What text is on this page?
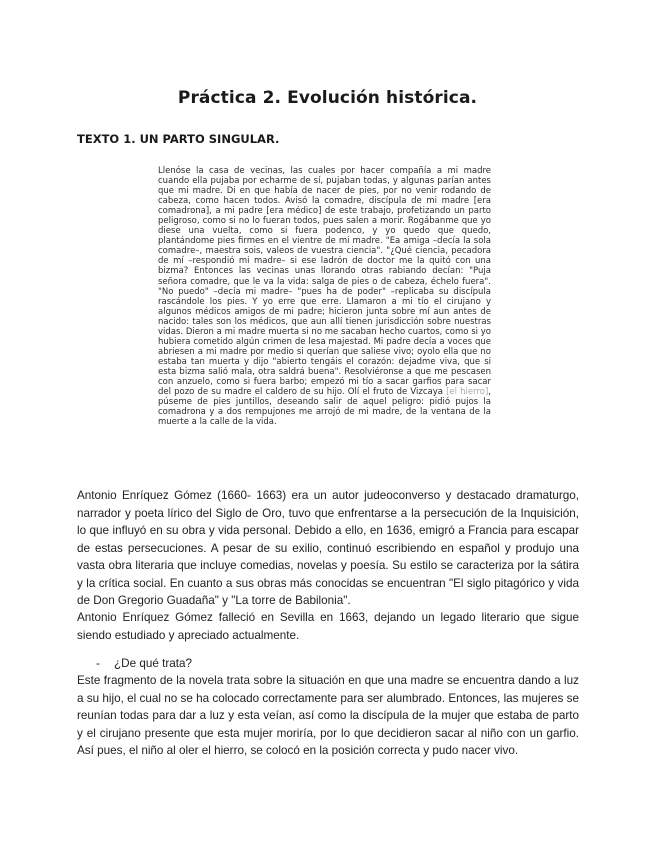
Práctica 2. Evolución histórica.
TEXTO 1. UN PARTO SINGULAR.

Llenóse la casa de vecinas, las cuales por hacer compañía a mi madre cuando ella pujaba por echarme de sí, pujaban todas, y algunas parían antes que mi madre. Di en que había de nacer de pies, por no venir rodando de cabeza, como hacen todos. Avisó la comadre, discípula de mi madre [era comadrona], a mi padre [era médico] de este trabajo, profetizando un parto peligroso, como si no lo fueran todos, pues salen a morir. Rogábanme que yo diese una vuelta, como si fuera podenco, y yo quedo que quedo, plantándome pies firmes en el vientre de mi madre. "Ea amiga –decía la sola comadre–, maestra sois, valeos de vuestra ciencia". "¿Qué ciencia, pecadora de mí –respondió mi madre– si ese ladrón de doctor me la quitó con una bizma? Entonces las vecinas unas llorando otras rabiando decían: "Puja señora comadre, que le va la vida: salga de pies o de cabeza, échelo fuera". "No puedo" –decía mi madre– "pues ha de poder" –replicaba su discípula rascándole los pies. Y yo erre que erre. Llamaron a mi tío el cirujano y algunos médicos amigos de mi padre; hicieron junta sobre mí aun antes de nacido: tales son los médicos, que aun allí tienen jurisdicción sobre nuestras vidas. Dieron a mi madre muerta si no me sacaban hecho cuartos, como si yo hubiera cometido algún crimen de lesa majestad. Mi padre decía a voces que abriesen a mi madre por medio si querían que saliese vivo; oyolo ella que no estaba tan muerta y dijo "abierto tengáis el corazón: dejadme viva, que si esta bizma salió mala, otra saldrá buena". Resolviéronse a que me pescasen con anzuelo, como si fuera barbo; empezó mi tío a sacar garfios para sacar del pozo de su madre el caldero de su hijo. Olí el fruto de Vizcaya [el hierro], púseme de pies juntillos, deseando salir de aquel peligro: pidió pujos la comadrona y a dos rempujones me arrojó de mi madre, de la ventana de la muerte a la calle de la vida.

Antonio Enríquez Gómez (1660- 1663) era un autor judeoconverso y destacado dramaturgo, narrador y poeta lírico del Siglo de Oro, tuvo que enfrentarse a la persecución de la Inquisición, lo que influyó en su obra y vida personal. Debido a ello, en 1636, emigró a Francia para escapar de estas persecuciones. A pesar de su exilio, continuó escribiendo en español y produjo una vasta obra literaria que incluye comedias, novelas y poesía. Su estilo se caracteriza por la sátira y la crítica social. En cuanto a sus obras más conocidas se encuentran "El siglo pitagórico y vida de Don Gregorio Guadaña" y "La torre de Babilonia".

Antonio Enríquez Gómez falleció en Sevilla en 1663, dejando un legado literario que sigue siendo estudiado y apreciado actualmente.

- ¿De qué trata?

Este fragmento de la novela trata sobre la situación en que una madre se encuentra dando a luz a su hijo, el cual no se ha colocado correctamente para ser alumbrado. Entonces, las mujeres se reunían todas para dar a luz y esta veían, así como la discípula de la mujer que estaba de parto y el cirujano presente que esta mujer moriría, por lo que decidieron sacar al niño con un garfio. Así pues, el niño al oler el hierro, se colocó en la posición correcta y pudo nacer vivo.
